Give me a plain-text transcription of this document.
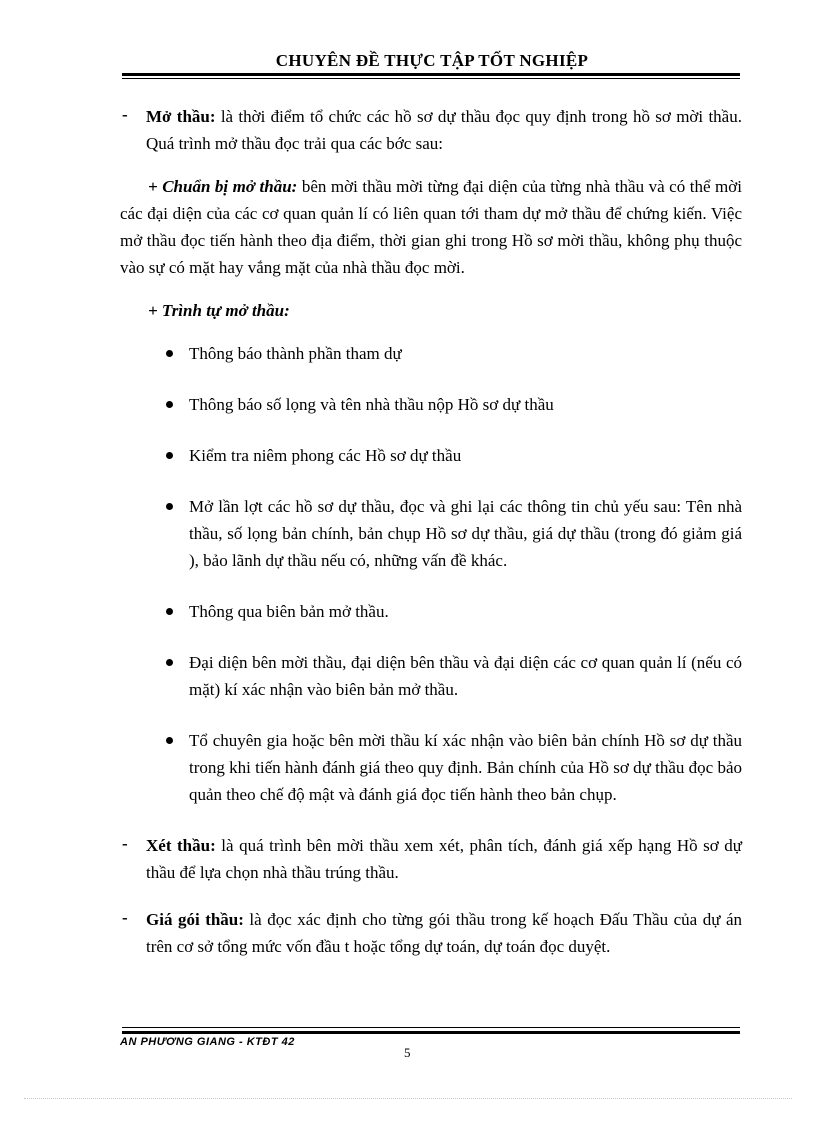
CHUYÊN ĐỀ THỰC TẬP TỐT NGHIỆP
- Mở thầu: là thời điểm tổ chức các hồ sơ dự thầu đọc quy định trong hồ sơ mời thầu. Quá trình mở thầu đọc trải qua các bớc sau:
+ Chuẩn bị mở thầu: bên mời thầu mời từng đại diện của từng nhà thầu và có thể mời các đại diện của các cơ quan quản lí có liên quan tới tham dự mở thầu để chứng kiến. Việc mở thầu đọc tiến hành theo địa điểm, thời gian ghi trong Hồ sơ mời thầu, không phụ thuộc vào sự có mặt hay vắng mặt của nhà thầu đọc mời.
+ Trình tự mở thầu:
Thông báo thành phần tham dự
Thông báo số lọng và tên nhà thầu nộp Hồ sơ dự thầu
Kiểm tra niêm phong các Hồ sơ dự thầu
Mở lần lợt các hồ sơ dự thầu, đọc và ghi lại các thông tin chủ yếu sau: Tên nhà thầu, số lọng bản chính, bản chụp Hồ sơ dự thầu, giá dự thầu (trong đó giảm giá ), bảo lãnh dự thầu nếu có, những vấn đề khác.
Thông qua biên bản mở thầu.
Đại diện bên mời thầu, đại diện bên thầu và đại diện các cơ quan quản lí (nếu có mặt) kí xác nhận vào biên bản mở thầu.
Tổ chuyên gia hoặc bên mời thầu kí xác nhận vào biên bản chính Hồ sơ dự thầu trong khi tiến hành đánh giá theo quy định. Bản chính của Hồ sơ dự thầu đọc bảo quản theo chế độ mật và đánh giá đọc tiến hành theo bản chụp.
- Xét thầu: là quá trình bên mời thầu xem xét, phân tích, đánh giá xếp hạng Hồ sơ dự thầu để lựa chọn nhà thầu trúng thầu.
- Giá gói thầu: là đọc xác định cho từng gói thầu trong kế hoạch Đấu Thầu của dự án trên cơ sở tổng mức vốn đầu t hoặc tổng dự toán, dự toán đọc duyệt.
AN PHƯƠNG GIANG - KTĐT 42
5
